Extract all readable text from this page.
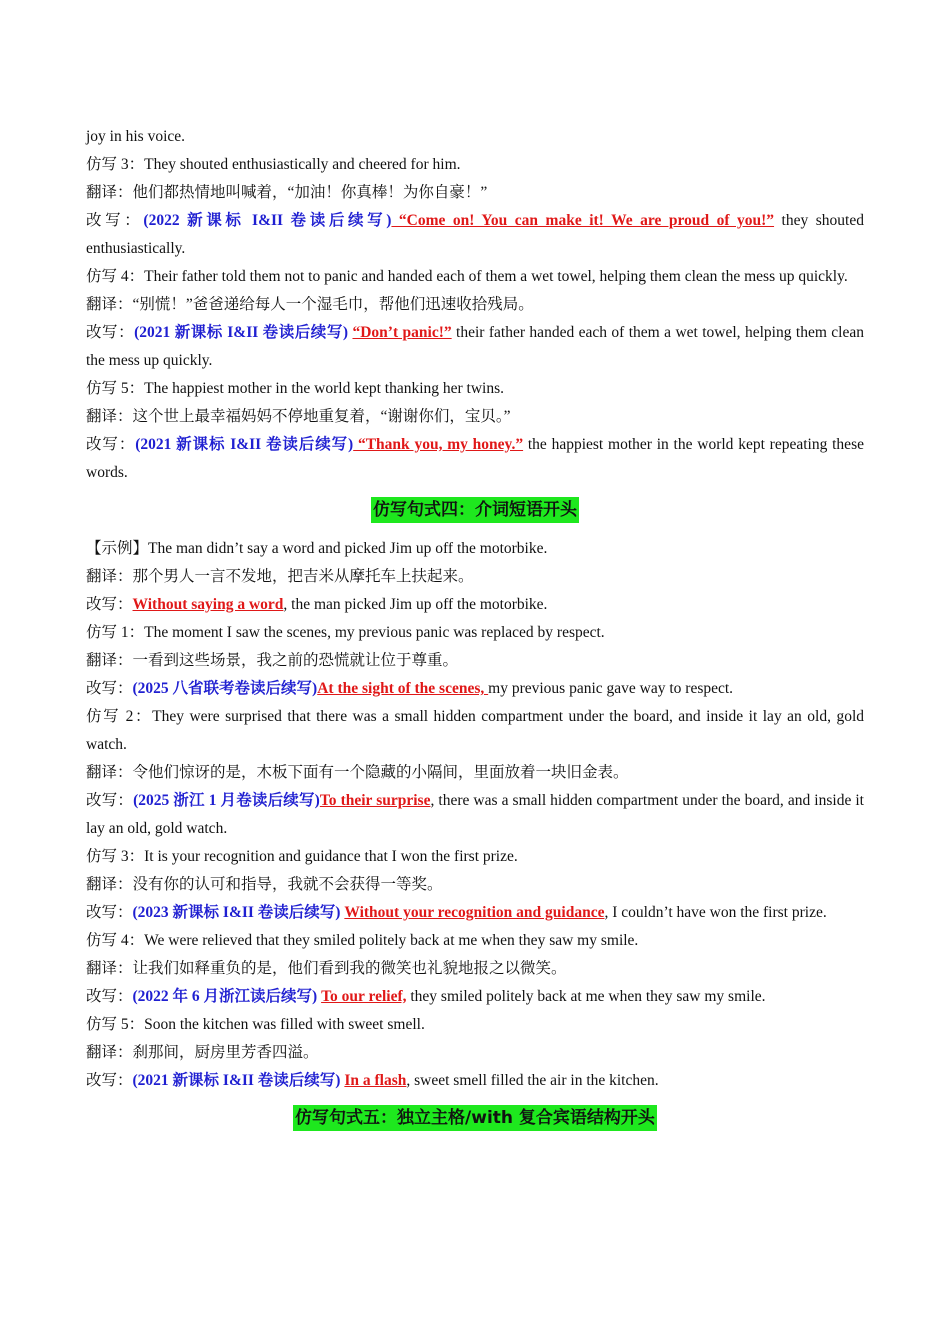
joy in his voice.

仿写 3：They shouted enthusiastically and cheered for him.

翻译：他们都热情地叫喊着，“加油！你真棒！为你自豪！”

改写：(2022 新课标 I&II 卷读后续写) “Come on! You can make it! We are proud of you!” they shouted enthusiastically.

仿写 4：Their father told them not to panic and handed each of them a wet towel, helping them clean the mess up quickly.

翻译：“别慌！”爸爸递给每人一个湿毛巾，帮他们迅速收拾残局。

改写：(2021 新课标 I&II 卷读后续写) “Don’t panic!” their father handed each of them a wet towel, helping them clean the mess up quickly.

仿写 5：The happiest mother in the world kept thanking her twins.

翻译：这个世上最幸福妈妈不停地重复着，“谢谢你们，宝贝。”

改写：(2021 新课标 I&II 卷读后续写) “Thank you, my honey.” the happiest mother in the world kept repeating these words.

仿写句式四：介词短语开头

【示例】The man didn’t say a word and picked Jim up off the motorbike.

翻译：那个男人一言不发地，把吉米从摩托车上扶起来。

改写：Without saying a word, the man picked Jim up off the motorbike.

仿写 1：The moment I saw the scenes, my previous panic was replaced by respect.

翻译：一看到这些场景，我之前的恐慌就让位于尊重。

改写：(2025 八省联考卷读后续写)At the sight of the scenes, my previous panic gave way to respect.

仿写 2：They were surprised that there was a small hidden compartment under the board, and inside it lay an old, gold watch.

翻译：令他们惊讶的是，木板下面有一个隐藏的小隔间，里面放着一块旧金表。

改写：(2025 浙江 1 月卷读后续写)To their surprise, there was a small hidden compartment under the board, and inside it lay an old, gold watch.

仿写 3：It is your recognition and guidance that I won the first prize.

翻译：没有你的认可和指导，我就不会获得一等奖。

改写：(2023 新课标 I&II 卷读后续写) Without your recognition and guidance, I couldn’t have won the first prize.

仿写 4：We were relieved that they smiled politely back at me when they saw my smile.

翻译：让我们如释重负的是，他们看到我的微笑也礼貌地报之以微笑。

改写：(2022 年 6 月浙江读后续写) To our relief, they smiled politely back at me when they saw my smile.

仿写 5：Soon the kitchen was filled with sweet smell.

翻译：刹那间，厨房里芳香四溢。

改写：(2021 新课标 I&II 卷读后续写) In a flash, sweet smell filled the air in the kitchen.

仿写句式五：独立主格/with 复合宾语结构开头
